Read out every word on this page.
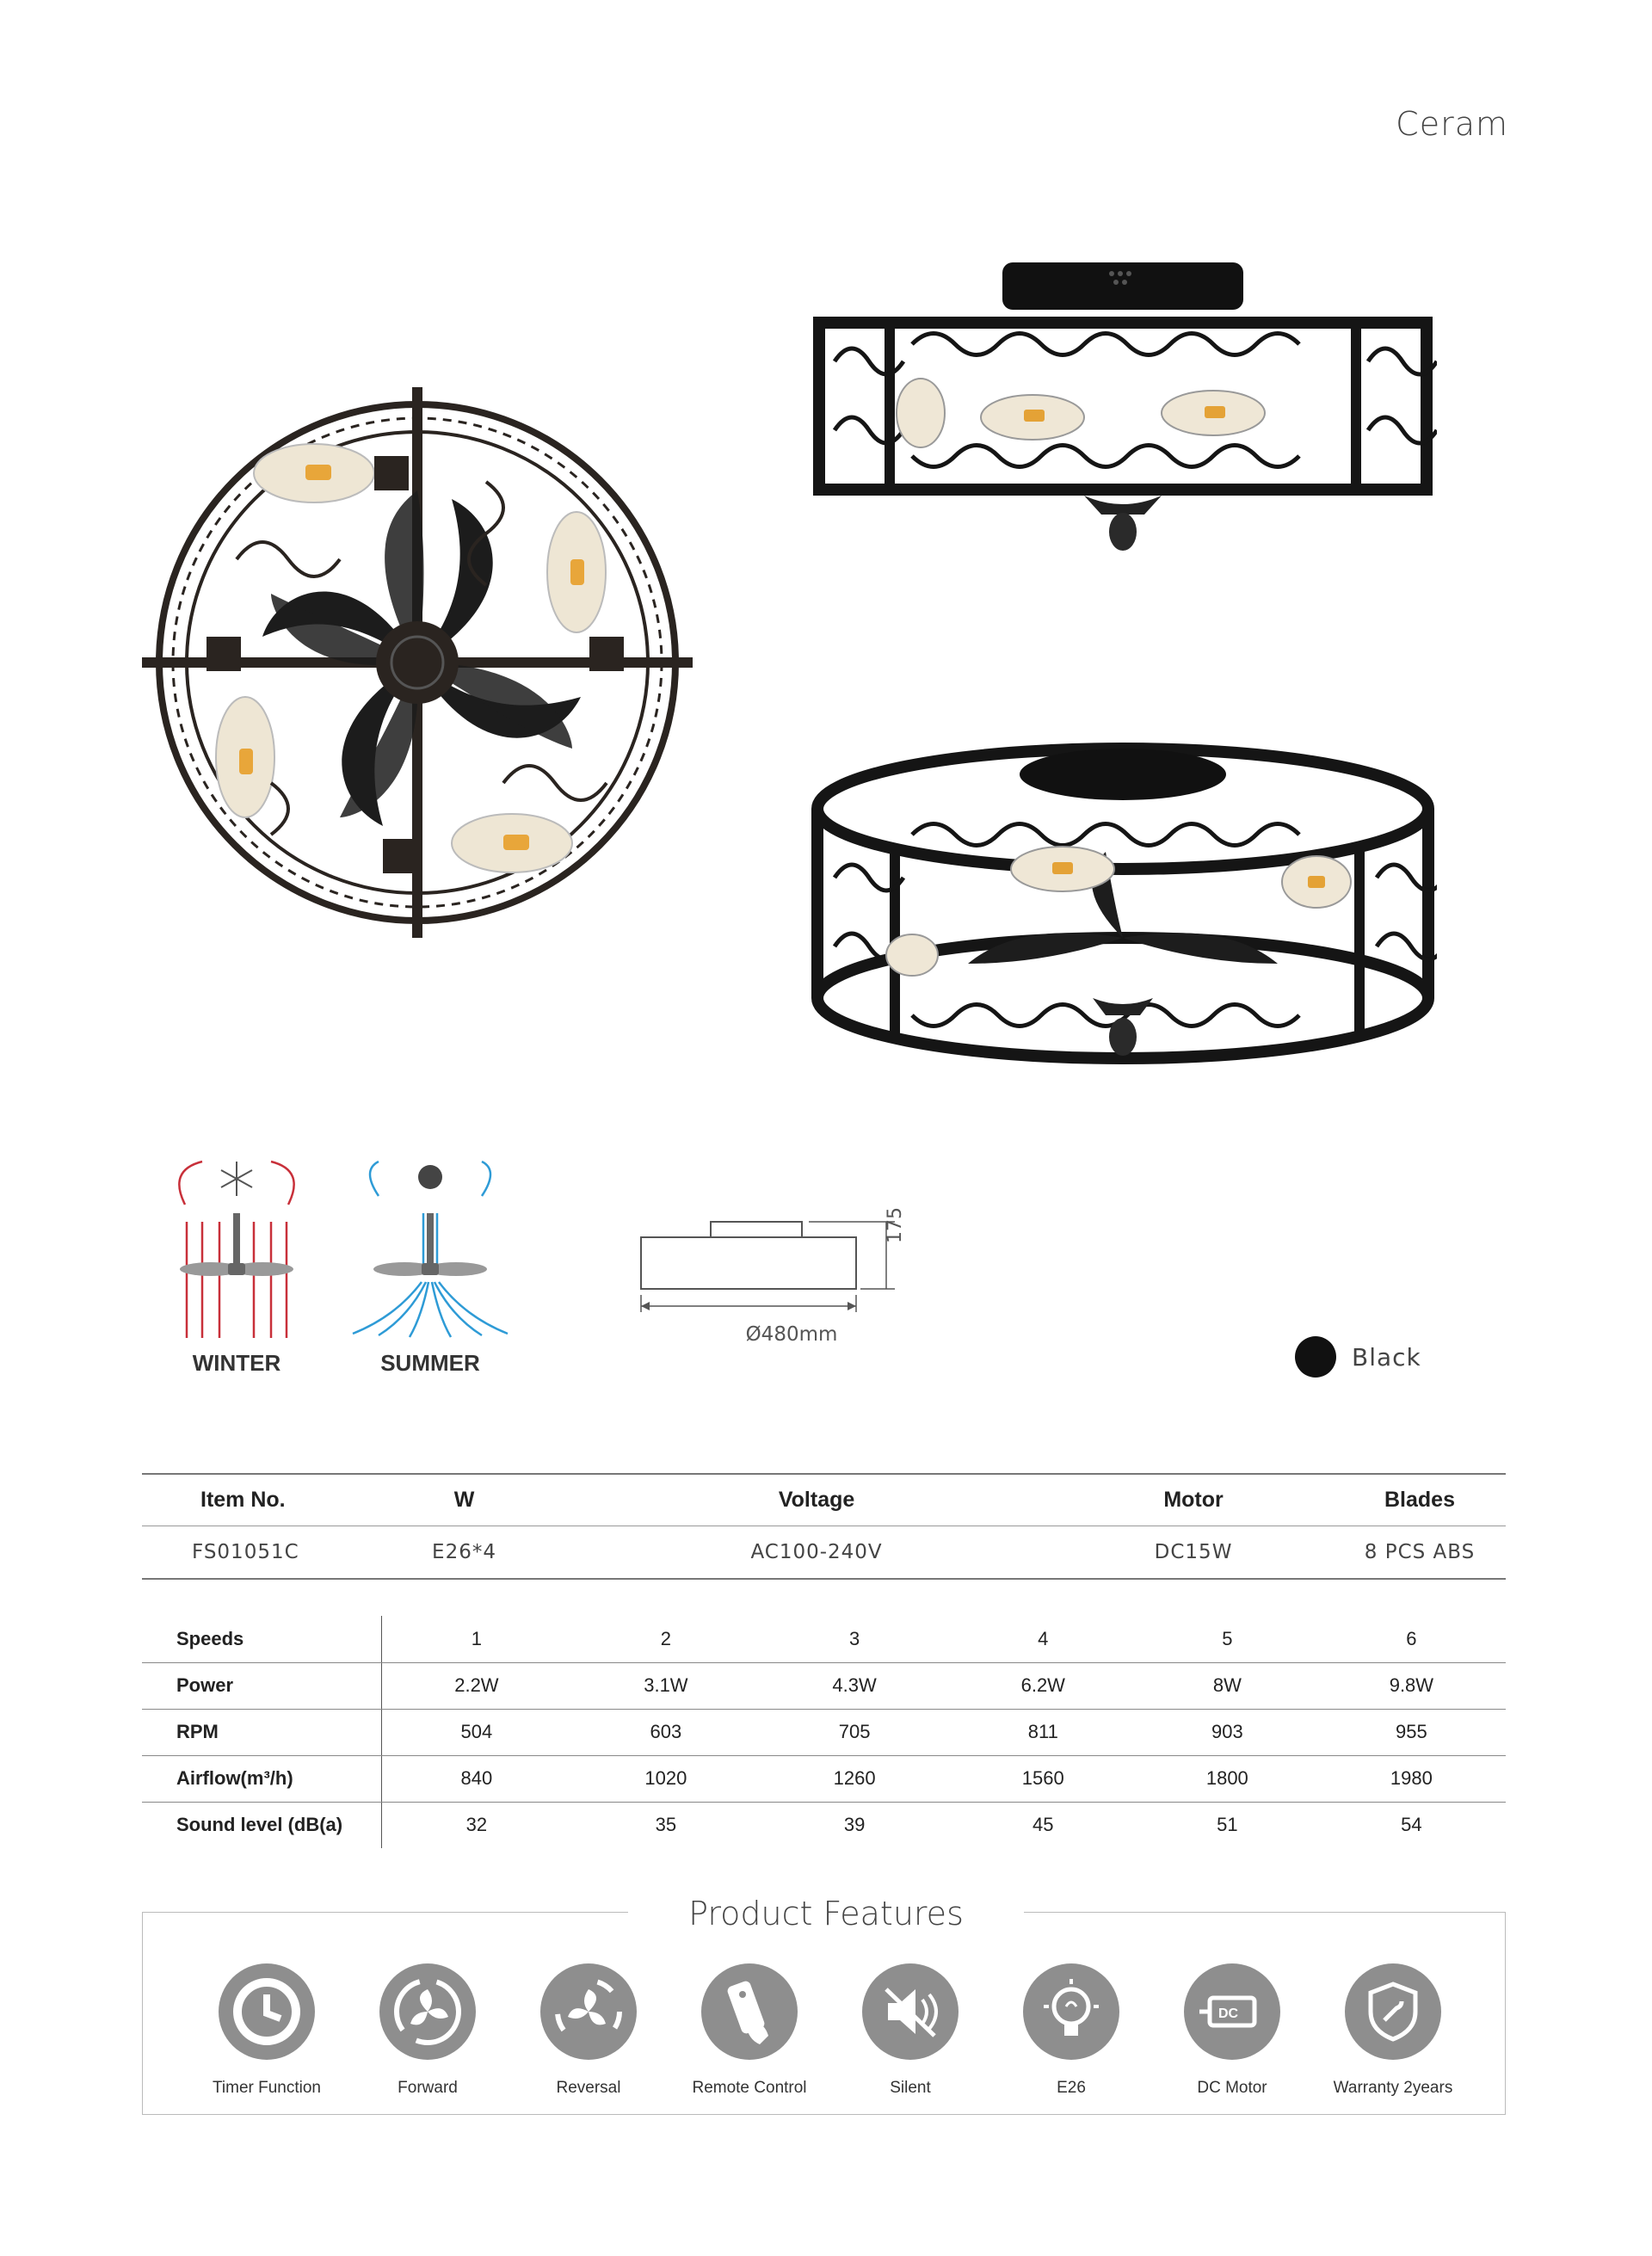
Ceram
WINTER	SUMMER
Ø480mm
175
Black
Item No.	W	Voltage	Motor	Blades
FS01051C	E26*4	AC100-240V	DC15W	8 PCS ABS
Speeds	1	2	3	4	5	6
Power	2.2W	3.1W	4.3W	6.2W	8W	9.8W
RPM	504	603	705	811	903	955
Airflow(m³/h)	840	1020	1260	1560	1800	1980
Sound level (dB(a)	32	35	39	45	51	54
Product Features
Timer Function	Forward	Reversal	Remote Control	Silent	E26
DC
DC Motor	Warranty 2years
